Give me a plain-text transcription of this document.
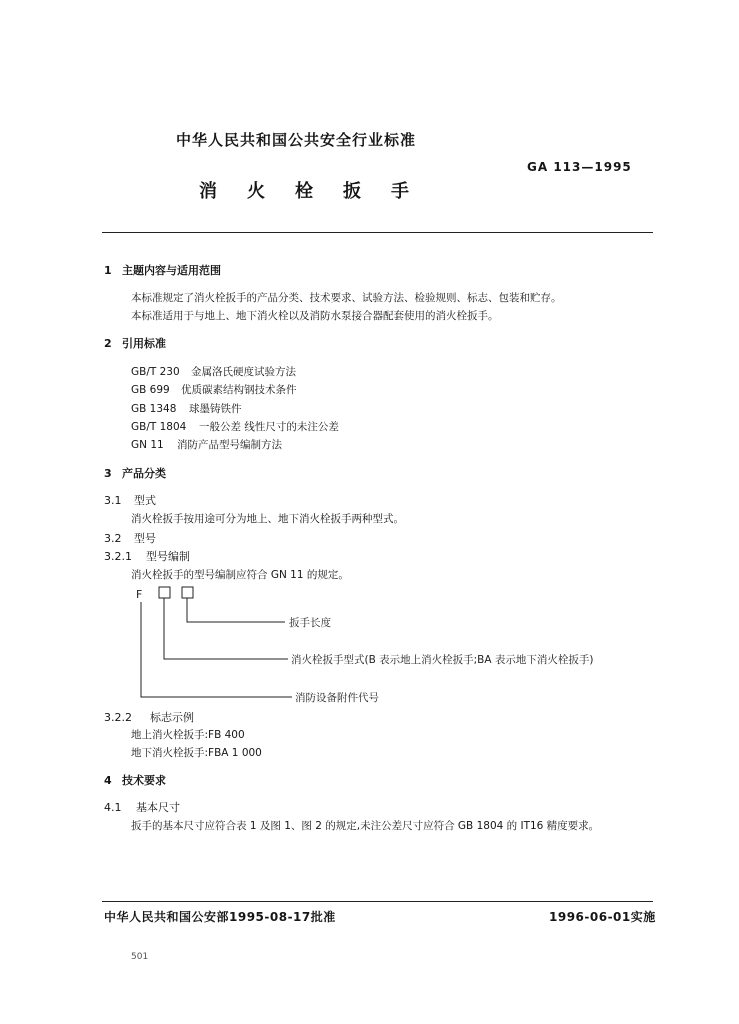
中华人民共和国公共安全行业标准
GA 113—1995
消火栓扳手
1 主题内容与适用范围
本标准规定了消火栓扳手的产品分类、技术要求、试验方法、检验规则、标志、包装和贮存。
本标准适用于与地上、地下消火栓以及消防水泵接合器配套使用的消火栓扳手。
2 引用标准
GB/T 230 金属洛氏硬度试验方法
GB 699 优质碳素结构钢技术条件
GB 1348 球墨铸铁件
GB/T 1804 一般公差 线性尺寸的未注公差
GN 11 消防产品型号编制方法
3 产品分类
3.1 型式
消火栓扳手按用途可分为地上、地下消火栓扳手两种型式。
3.2 型号
3.2.1 型号编制
消火栓扳手的型号编制应符合 GN 11 的规定。
F
扳手长度
消火栓扳手型式(B 表示地上消火栓扳手;BA 表示地下消火栓扳手)
消防设备附件代号
3.2.2 标志示例
地上消火栓扳手:FB 400
地下消火栓扳手:FBA 1 000
4 技术要求
4.1 基本尺寸
扳手的基本尺寸应符合表 1 及图 1、图 2 的规定,未注公差尺寸应符合 GB 1804 的 IT16 精度要求。
中华人民共和国公安部1995-08-17批准	1996-06-01实施
501
